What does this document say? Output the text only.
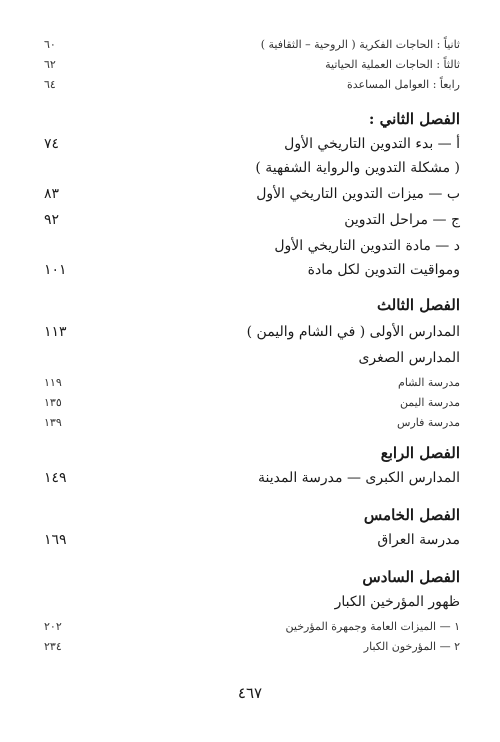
ثانياً : الحاجات الفكرية ( الروحية – الثقافية )
٦٠
ثالثاً : الحاجات العملية الحياتية
٦٢
رابعاً : العوامل المساعدة
٦٤
الفصل الثاني :
أ — بدء التدوين التاريخي الأول
٧٤
( مشكلة التدوين والرواية الشفهية )
ب — ميزات التدوين التاريخي الأول
٨٣
ج — مراحل التدوين
٩٢
د — مادة التدوين التاريخي الأول
ومواقيت التدوين لكل مادة
١٠١
الفصل الثالث
المدارس الأولى ( في الشام واليمن )
١١٣
المدارس الصغرى
مدرسة الشام
١١٩
مدرسة اليمن
١٣٥
مدرسة فارس
١٣٩
الفصل الرابع
المدارس الكبرى — مدرسة المدينة
١٤٩
الفصل الخامس
مدرسة العراق
١٦٩
الفصل السادس
ظهور المؤرخين الكبار
١ — الميزات العامة وجمهرة المؤرخين
٢٠٢
٢ — المؤرخون الكبار
٢٣٤
٤٦٧
